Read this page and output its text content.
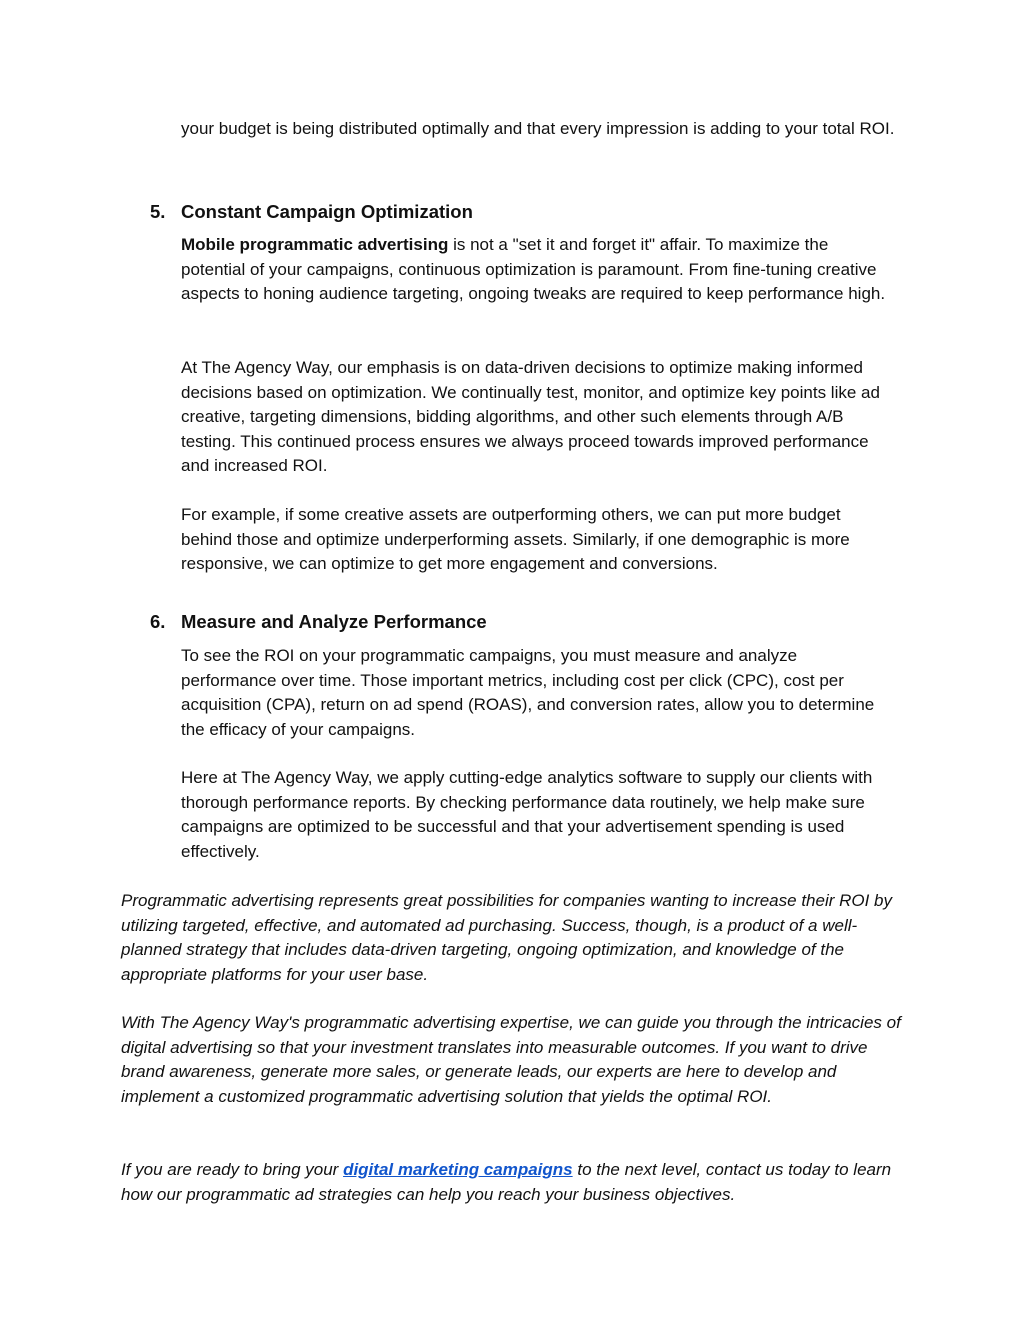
your budget is being distributed optimally and that every impression is adding to your total ROI.

5. Constant Campaign Optimization

Mobile programmatic advertising is not a "set it and forget it" affair. To maximize the potential of your campaigns, continuous optimization is paramount. From fine-tuning creative aspects to honing audience targeting, ongoing tweaks are required to keep performance high.

At The Agency Way, our emphasis is on data-driven decisions to optimize making informed decisions based on optimization. We continually test, monitor, and optimize key points like ad creative, targeting dimensions, bidding algorithms, and other such elements through A/B testing. This continued process ensures we always proceed towards improved performance and increased ROI.

For example, if some creative assets are outperforming others, we can put more budget behind those and optimize underperforming assets. Similarly, if one demographic is more responsive, we can optimize to get more engagement and conversions.

6. Measure and Analyze Performance

To see the ROI on your programmatic campaigns, you must measure and analyze performance over time. Those important metrics, including cost per click (CPC), cost per acquisition (CPA), return on ad spend (ROAS), and conversion rates, allow you to determine the efficacy of your campaigns.

Here at The Agency Way, we apply cutting-edge analytics software to supply our clients with thorough performance reports. By checking performance data routinely, we help make sure campaigns are optimized to be successful and that your advertisement spending is used effectively.

Programmatic advertising represents great possibilities for companies wanting to increase their ROI by utilizing targeted, effective, and automated ad purchasing. Success, though, is a product of a well-planned strategy that includes data-driven targeting, ongoing optimization, and knowledge of the appropriate platforms for your user base.

With The Agency Way's programmatic advertising expertise, we can guide you through the intricacies of digital advertising so that your investment translates into measurable outcomes. If you want to drive brand awareness, generate more sales, or generate leads, our experts are here to develop and implement a customized programmatic advertising solution that yields the optimal ROI.

If you are ready to bring your digital marketing campaigns to the next level, contact us today to learn how our programmatic ad strategies can help you reach your business objectives.
